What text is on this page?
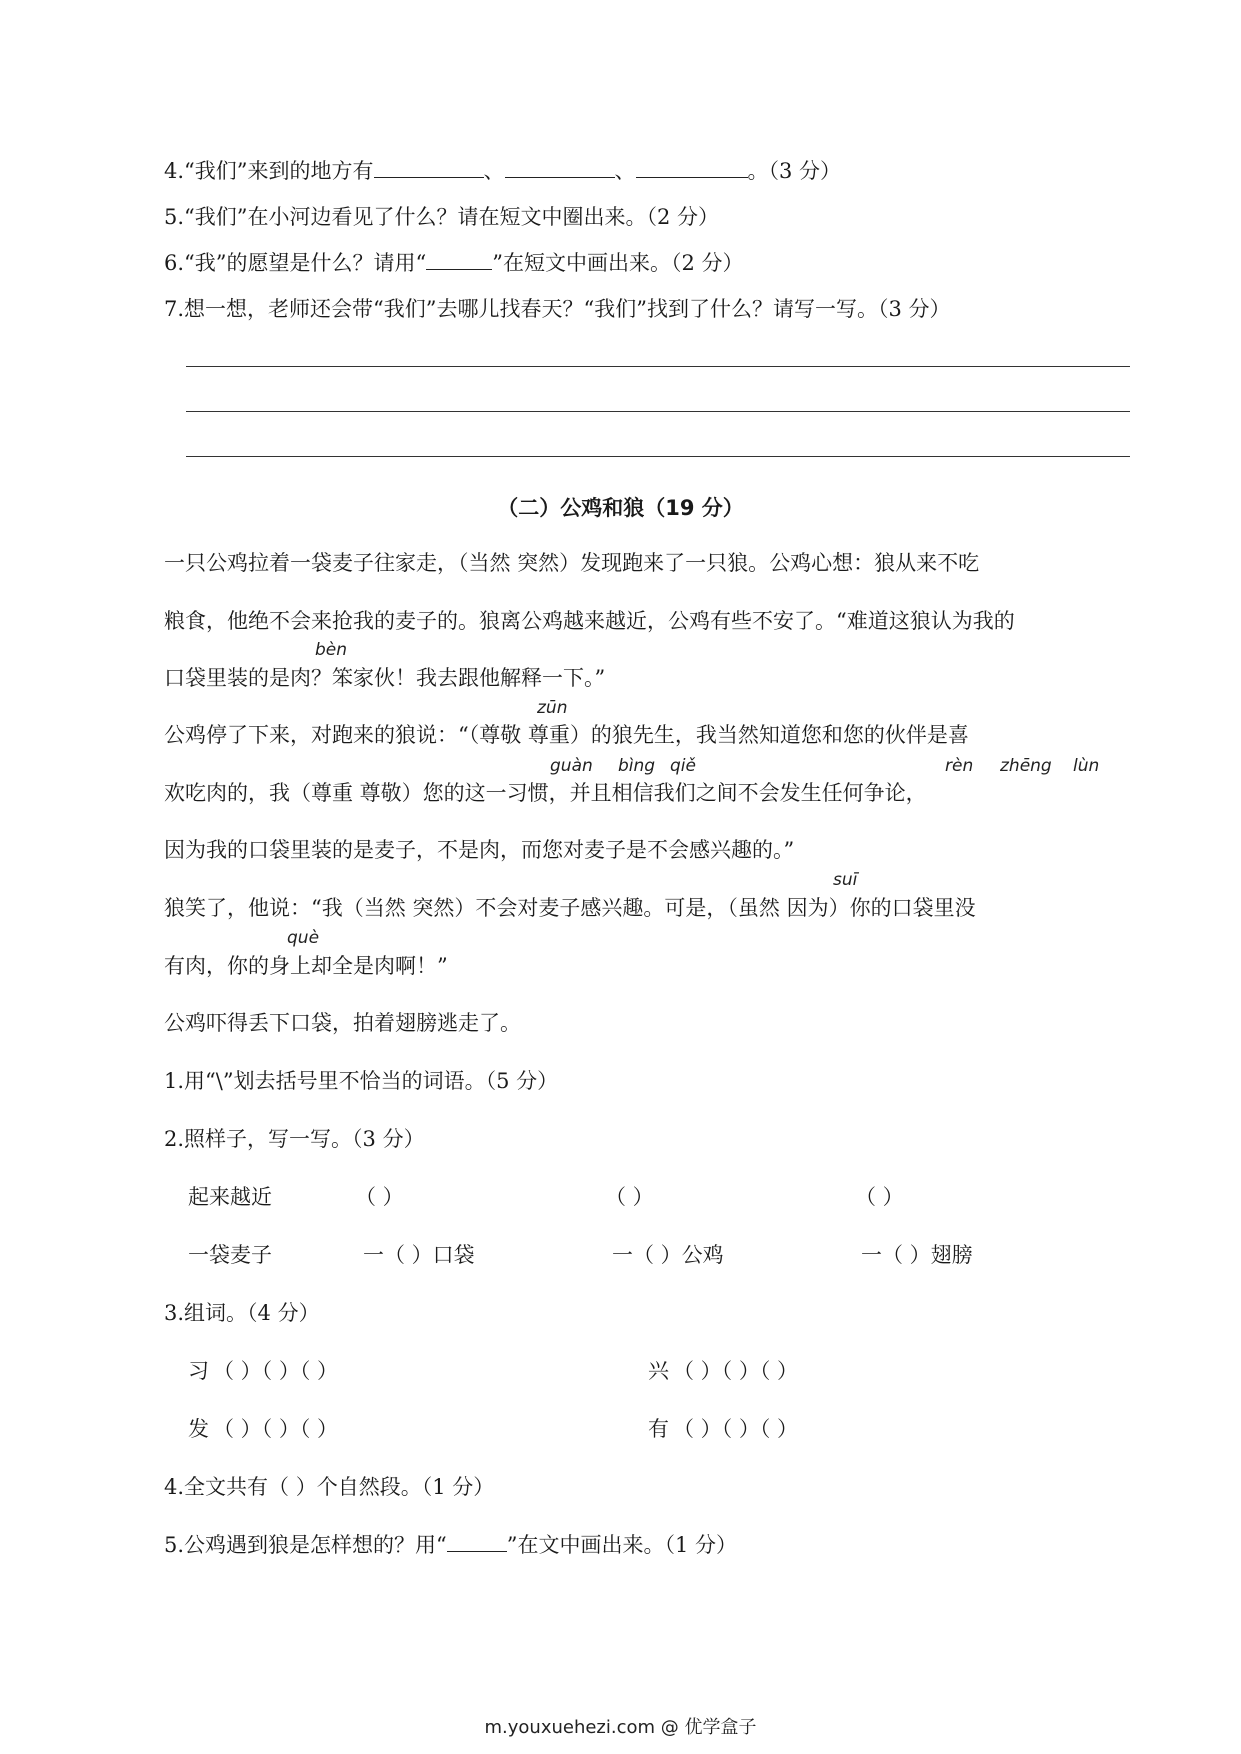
4.“我们”来到的地方有	、	、	。（3 分）
5.“我们”在小河边看见了什么？请在短文中圈出来。（2 分）
6.“我”的愿望是什么？请用“	”在短文中画出来。（2 分）
7.想一想，老师还会带“我们”去哪儿找春天？“我们”找到了什么？请写一写。（3 分）
（二）公鸡和狼（19 分）
一只公鸡拉着一袋麦子往家走，（当然 突然）发现跑来了一只狼。公鸡心想：狼从来不吃
粮食，他绝不会来抢我的麦子的。狼离公鸡越来越近，公鸡有些不安了。“难道这狼认为我的
bèn
口袋里装的是肉？笨家伙！我去跟他解释一下。”
zūn
公鸡停了下来，对跑来的狼说：“（尊敬 尊重）的狼先生，我当然知道您和您的伙伴是喜
guàn bìng qiě	rèn zhēng lùn
欢吃肉的，我（尊重 尊敬）您的这一习惯，并且相信我们之间不会发生任何争论，
因为我的口袋里装的是麦子，不是肉，而您对麦子是不会感兴趣的。”
suī
狼笑了，他说：“我（当然 突然）不会对麦子感兴趣。可是，（虽然 因为）你的口袋里没
què
有肉，你的身上却全是肉啊！”
公鸡吓得丢下口袋，拍着翅膀逃走了。
1.用“\”划去括号里不恰当的词语。（5 分）
2.照样子，写一写。（3 分）
起来越近	（ ）	（ ）	（ ）
一袋麦子	一（ ）口袋	一（ ）公鸡	一（ ）翅膀
3.组词。（4 分）
习 （ ）（ ）（ ）	兴 （ ）（ ）（ ）
发 （ ）（ ）（ ）	有 （ ）（ ）（ ）
4.全文共有（ ）个自然段。（1 分）
5.公鸡遇到狼是怎样想的？用“	”在文中画出来。（1 分）
m.youxuehezi.com @ 优学盒子
